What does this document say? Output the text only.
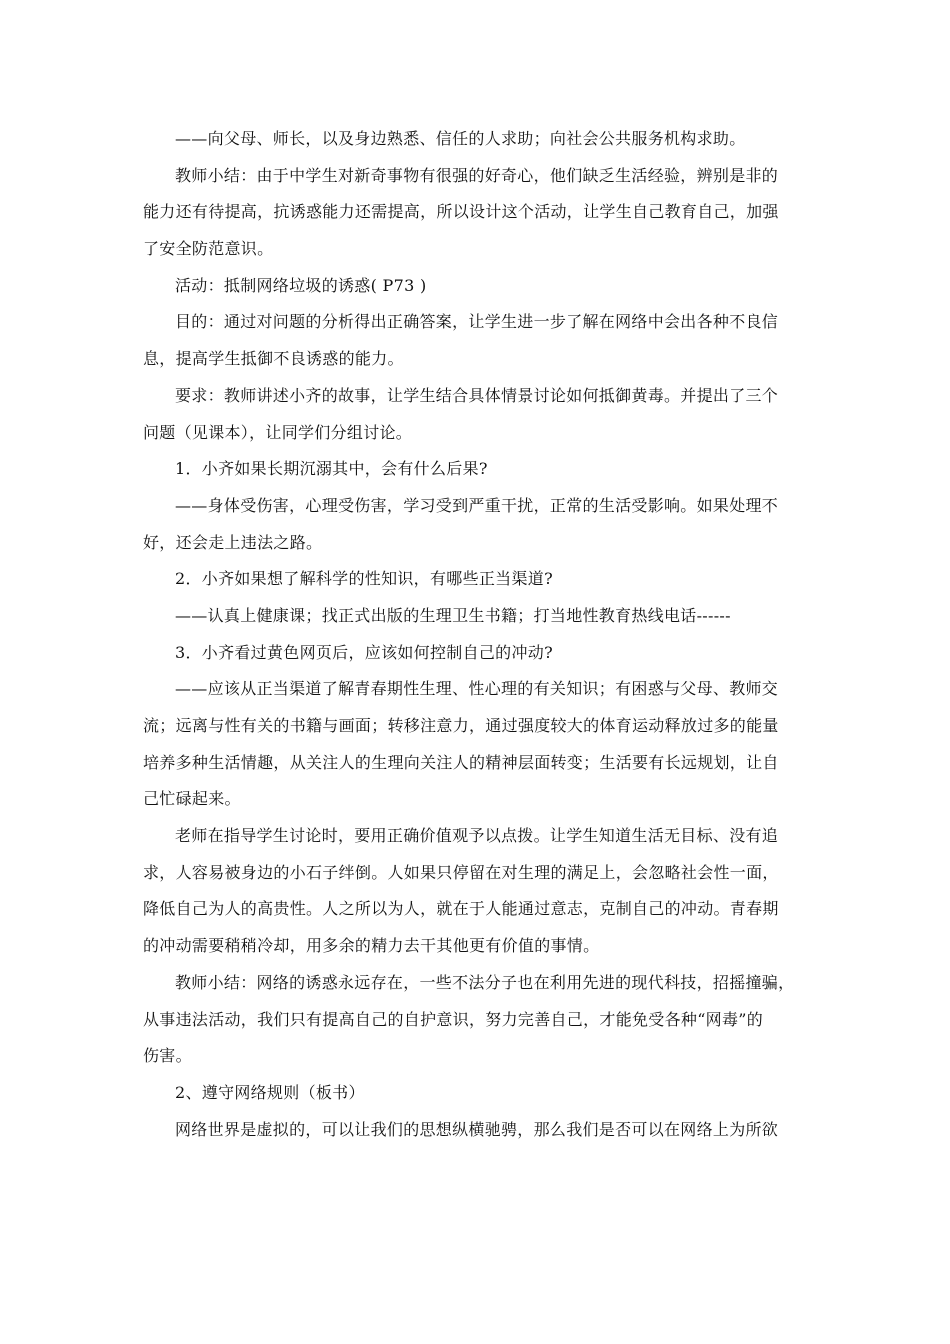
——向父母、师长，以及身边熟悉、信任的人求助；向社会公共服务机构求助。
教师小结：由于中学生对新奇事物有很强的好奇心，他们缺乏生活经验，辨别是非的
能力还有待提高，抗诱惑能力还需提高，所以设计这个活动，让学生自己教育自己，加强
了安全防范意识。
活动：抵制网络垃圾的诱惑( P73 )
目的：通过对问题的分析得出正确答案，让学生进一步了解在网络中会出各种不良信
息，提高学生抵御不良诱惑的能力。
要求：教师讲述小齐的故事，让学生结合具体情景讨论如何抵御黄毒。并提出了三个
问题（见课本），让同学们分组讨论。
1．小齐如果长期沉溺其中，会有什么后果?
——身体受伤害，心理受伤害，学习受到严重干扰，正常的生活受影响。如果处理不
好，还会走上违法之路。
2．小齐如果想了解科学的性知识，有哪些正当渠道?
——认真上健康课；找正式出版的生理卫生书籍；打当地性教育热线电话------
3．小齐看过黄色网页后，应该如何控制自己的冲动?
——应该从正当渠道了解青春期性生理、性心理的有关知识；有困惑与父母、教师交
流；远离与性有关的书籍与画面；转移注意力，通过强度较大的体育运动释放过多的能量
培养多种生活情趣，从关注人的生理向关注人的精神层面转变；生活要有长远规划，让自
己忙碌起来。
老师在指导学生讨论时，要用正确价值观予以点拨。让学生知道生活无目标、没有追
求，人容易被身边的小石子绊倒。人如果只停留在对生理的满足上，会忽略社会性一面，
降低自己为人的高贵性。人之所以为人，就在于人能通过意志，克制自己的冲动。青春期
的冲动需要稍稍冷却，用多余的精力去干其他更有价值的事情。
教师小结：网络的诱惑永远存在，一些不法分子也在利用先进的现代科技，招摇撞骗，
从事违法活动，我们只有提高自己的自护意识，努力完善自己，才能免受各种“网毒”的
伤害。
2、遵守网络规则（板书）
网络世界是虚拟的，可以让我们的思想纵横驰骋，那么我们是否可以在网络上为所欲
